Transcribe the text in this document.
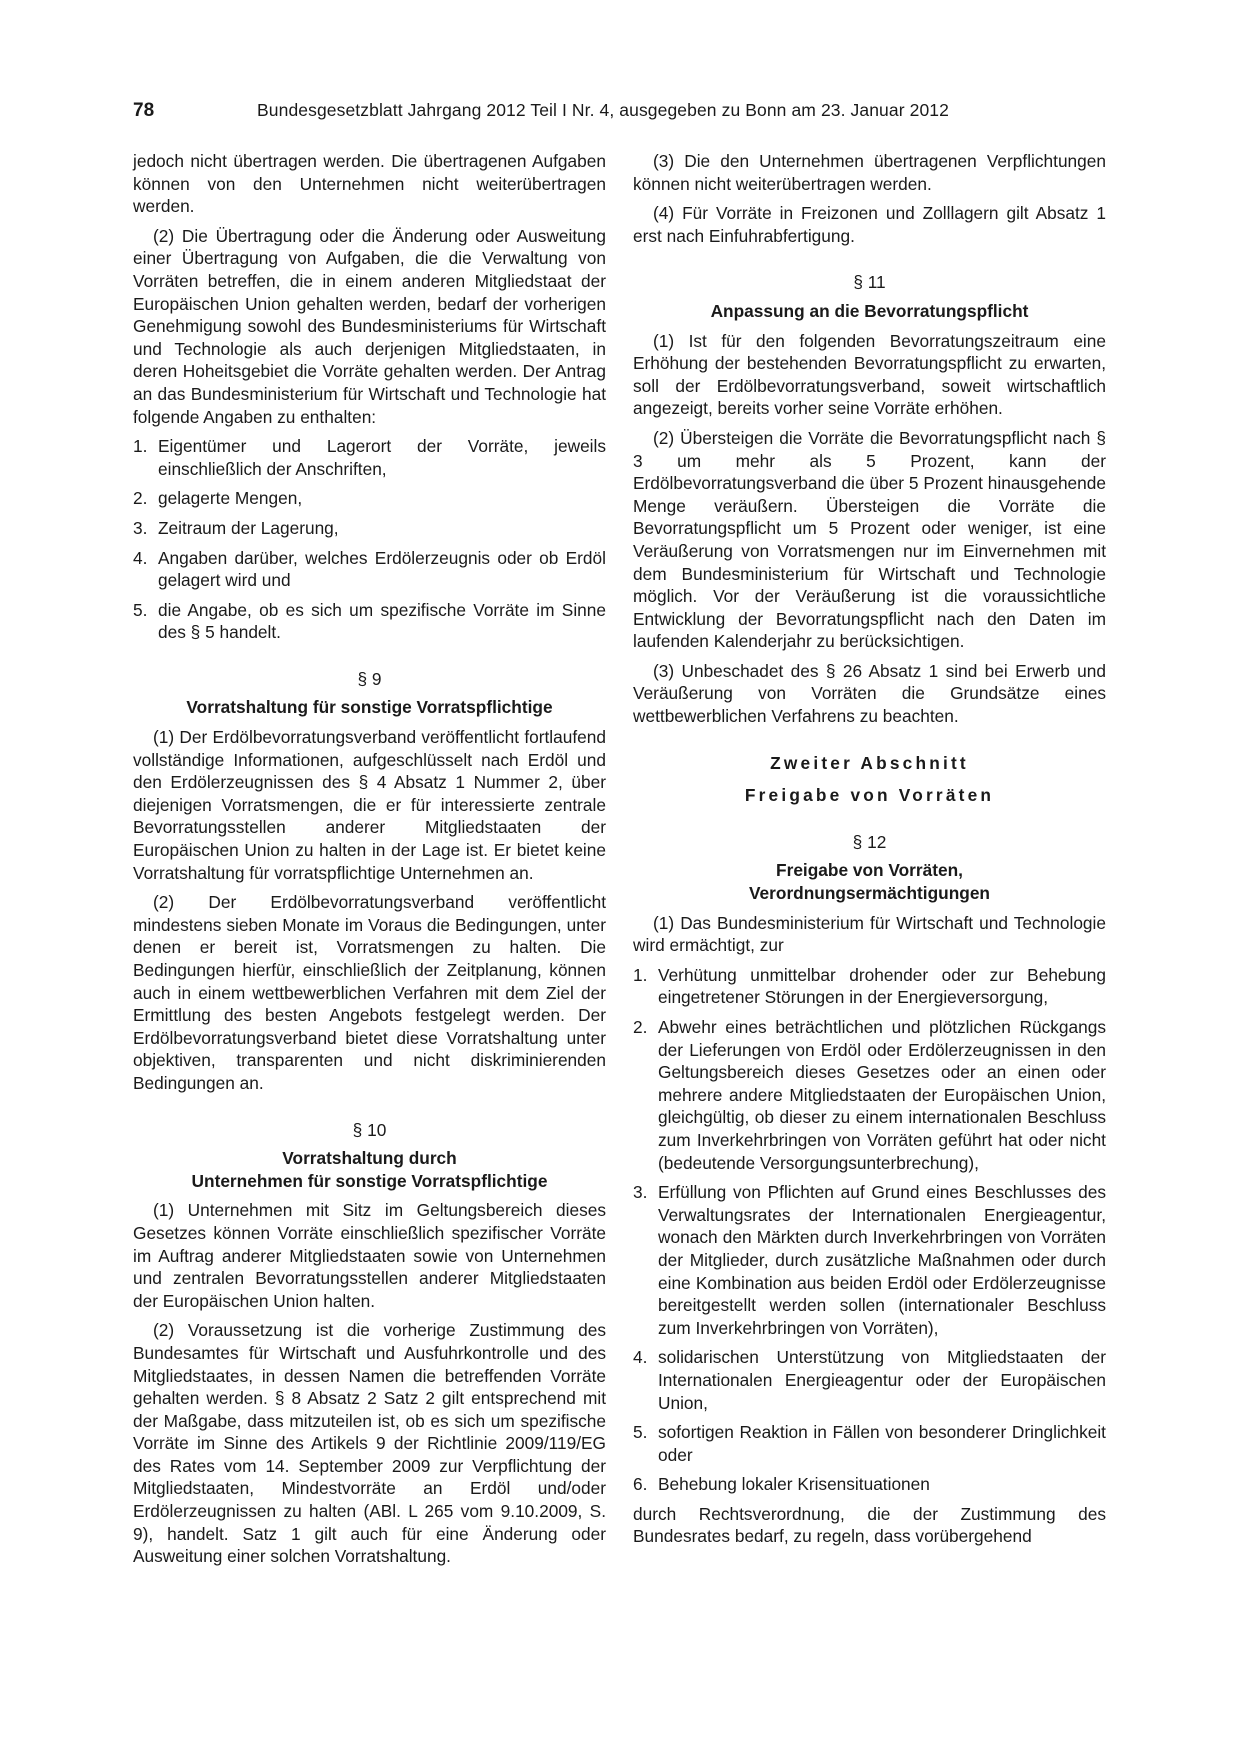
78	Bundesgesetzblatt Jahrgang 2012 Teil I Nr. 4, ausgegeben zu Bonn am 23. Januar 2012

jedoch nicht übertragen werden. Die übertragenen Aufgaben können von den Unternehmen nicht weiterübertragen werden.

(2) Die Übertragung oder die Änderung oder Ausweitung einer Übertragung von Aufgaben, die die Verwaltung von Vorräten betreffen, die in einem anderen Mitgliedstaat der Europäischen Union gehalten werden, bedarf der vorherigen Genehmigung sowohl des Bundesministeriums für Wirtschaft und Technologie als auch derjenigen Mitgliedstaaten, in deren Hoheitsgebiet die Vorräte gehalten werden. Der Antrag an das Bundesministerium für Wirtschaft und Technologie hat folgende Angaben zu enthalten:

1. Eigentümer und Lagerort der Vorräte, jeweils einschließlich der Anschriften,
2. gelagerte Mengen,
3. Zeitraum der Lagerung,
4. Angaben darüber, welches Erdölerzeugnis oder ob Erdöl gelagert wird und
5. die Angabe, ob es sich um spezifische Vorräte im Sinne des § 5 handelt.
§ 9
Vorratshaltung für sonstige Vorratspflichtige

(1) Der Erdölbevorratungsverband veröffentlicht fortlaufend vollständige Informationen, aufgeschlüsselt nach Erdöl und den Erdölerzeugnissen des § 4 Absatz 1 Nummer 2, über diejenigen Vorratsmengen, die er für interessierte zentrale Bevorratungsstellen anderer Mitgliedstaaten der Europäischen Union zu halten in der Lage ist. Er bietet keine Vorratshaltung für vorratspflichtige Unternehmen an.

(2) Der Erdölbevorratungsverband veröffentlicht mindestens sieben Monate im Voraus die Bedingungen, unter denen er bereit ist, Vorratsmengen zu halten. Die Bedingungen hierfür, einschließlich der Zeitplanung, können auch in einem wettbewerblichen Verfahren mit dem Ziel der Ermittlung des besten Angebots festgelegt werden. Der Erdölbevorratungsverband bietet diese Vorratshaltung unter objektiven, transparenten und nicht diskriminierenden Bedingungen an.

§ 10
Vorratshaltung durch
Unternehmen für sonstige Vorratspflichtige

(1) Unternehmen mit Sitz im Geltungsbereich dieses Gesetzes können Vorräte einschließlich spezifischer Vorräte im Auftrag anderer Mitgliedstaaten sowie von Unternehmen und zentralen Bevorratungsstellen anderer Mitgliedstaaten der Europäischen Union halten.

(2) Voraussetzung ist die vorherige Zustimmung des Bundesamtes für Wirtschaft und Ausfuhrkontrolle und des Mitgliedstaates, in dessen Namen die betreffenden Vorräte gehalten werden. § 8 Absatz 2 Satz 2 gilt entsprechend mit der Maßgabe, dass mitzuteilen ist, ob es sich um spezifische Vorräte im Sinne des Artikels 9 der Richtlinie 2009/119/EG des Rates vom 14. September 2009 zur Verpflichtung der Mitgliedstaaten, Mindestvorräte an Erdöl und/oder Erdölerzeugnissen zu halten (ABl. L 265 vom 9.10.2009, S. 9), handelt. Satz 1 gilt auch für eine Änderung oder Ausweitung einer solchen Vorratshaltung.

(3) Die den Unternehmen übertragenen Verpflichtungen können nicht weiterübertragen werden.

(4) Für Vorräte in Freizonen und Zolllagern gilt Absatz 1 erst nach Einfuhrabfertigung.

§ 11
Anpassung an die Bevorratungspflicht

(1) Ist für den folgenden Bevorratungszeitraum eine Erhöhung der bestehenden Bevorratungspflicht zu erwarten, soll der Erdölbevorratungsverband, soweit wirtschaftlich angezeigt, bereits vorher seine Vorräte erhöhen.

(2) Übersteigen die Vorräte die Bevorratungspflicht nach § 3 um mehr als 5 Prozent, kann der Erdölbevorratungsverband die über 5 Prozent hinausgehende Menge veräußern. Übersteigen die Vorräte die Bevorratungspflicht um 5 Prozent oder weniger, ist eine Veräußerung von Vorratsmengen nur im Einvernehmen mit dem Bundesministerium für Wirtschaft und Technologie möglich. Vor der Veräußerung ist die voraussichtliche Entwicklung der Bevorratungspflicht nach den Daten im laufenden Kalenderjahr zu berücksichtigen.

(3) Unbeschadet des § 26 Absatz 1 sind bei Erwerb und Veräußerung von Vorräten die Grundsätze eines wettbewerblichen Verfahrens zu beachten.

Zweiter Abschnitt
Freigabe von Vorräten
§ 12
Freigabe von Vorräten,
Verordnungsermächtigungen

(1) Das Bundesministerium für Wirtschaft und Technologie wird ermächtigt, zur

1. Verhütung unmittelbar drohender oder zur Behebung eingetretener Störungen in der Energieversorgung,
2. Abwehr eines beträchtlichen und plötzlichen Rückgangs der Lieferungen von Erdöl oder Erdölerzeugnissen in den Geltungsbereich dieses Gesetzes oder an einen oder mehrere andere Mitgliedstaaten der Europäischen Union, gleichgültig, ob dieser zu einem internationalen Beschluss zum Inverkehrbringen von Vorräten geführt hat oder nicht (bedeutende Versorgungsunterbrechung),
3. Erfüllung von Pflichten auf Grund eines Beschlusses des Verwaltungsrates der Internationalen Energieagentur, wonach den Märkten durch Inverkehrbringen von Vorräten der Mitglieder, durch zusätzliche Maßnahmen oder durch eine Kombination aus beiden Erdöl oder Erdölerzeugnisse bereitgestellt werden sollen (internationaler Beschluss zum Inverkehrbringen von Vorräten),
4. solidarischen Unterstützung von Mitgliedstaaten der Internationalen Energieagentur oder der Europäischen Union,
5. sofortigen Reaktion in Fällen von besonderer Dringlichkeit oder
6. Behebung lokaler Krisensituationen

durch Rechtsverordnung, die der Zustimmung des Bundesrates bedarf, zu regeln, dass vorübergehend
